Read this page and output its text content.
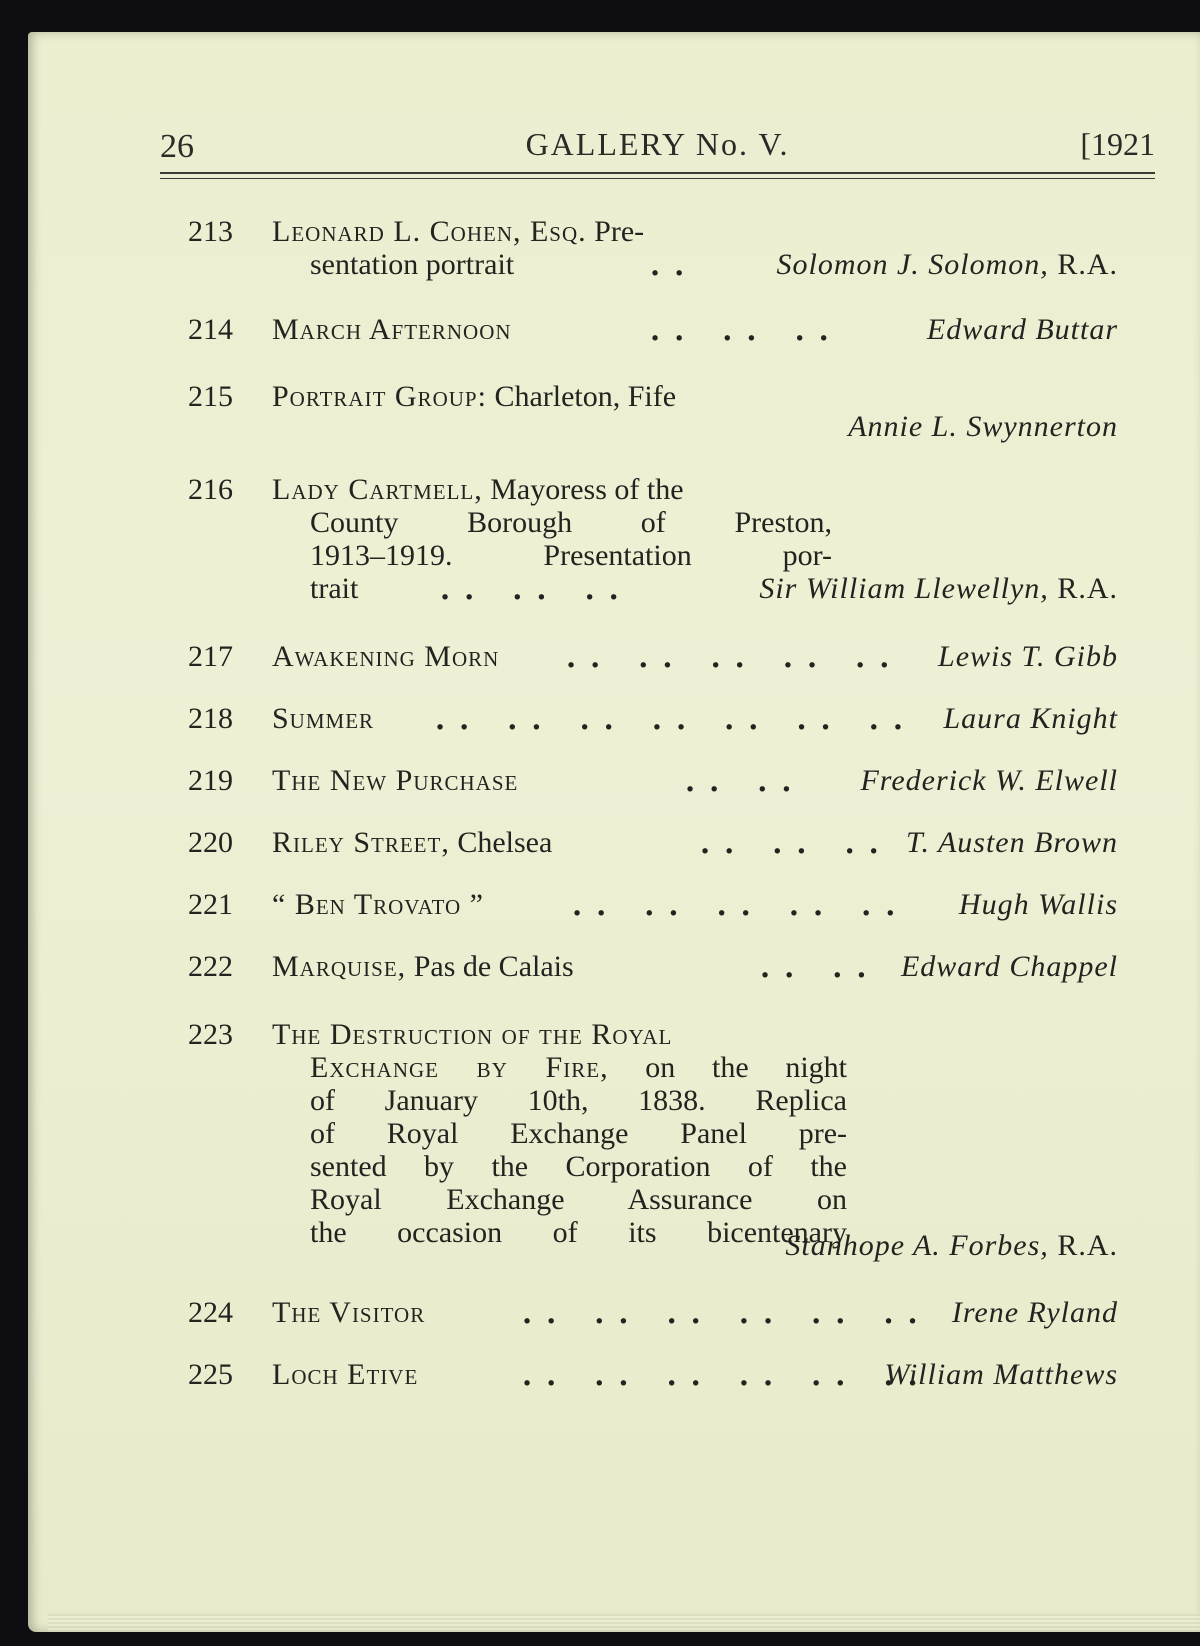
26	GALLERY No. V.	[1921
213 Leonard L. Cohen, Esq. Pre-

sentation portrait	..	Solomon J. Solomon, R.A.
214 March Afternoon	.. .. ..	Edward Buttar
215 Portrait Group: Charleton, Fife
Annie L. Swynnerton
216 Lady Cartmell, Mayoress of the
County Borough of Preston,
1913–1919. Presentation por-
trait	.. .. ..	Sir William Llewellyn, R.A.
217 Awakening Morn	.. .. .. .. .. Lewis T. Gibb
218 Summer	.. .. .. .. .. .. .. Laura Knight
219 The New Purchase	.. .. Frederick W. Elwell
220 Riley Street, Chelsea	.. .. .. T. Austen Brown
221 “ Ben Trovato ”	.. .. .. .. .. Hugh Wallis
222 Marquise, Pas de Calais	.. .. Edward Chappel
223 The Destruction of the Royal
Exchange by Fire, on the night
of January 10th, 1838. Replica
of Royal Exchange Panel pre-
sented by the Corporation of the
Royal Exchange Assurance on
the occasion of its bicentenary
Stanhope A. Forbes, R.A.
224 The Visitor	.. .. .. .. .. .. Irene Ryland
225 Loch Etive	.. .. .. .. .. ..
William Matthews
